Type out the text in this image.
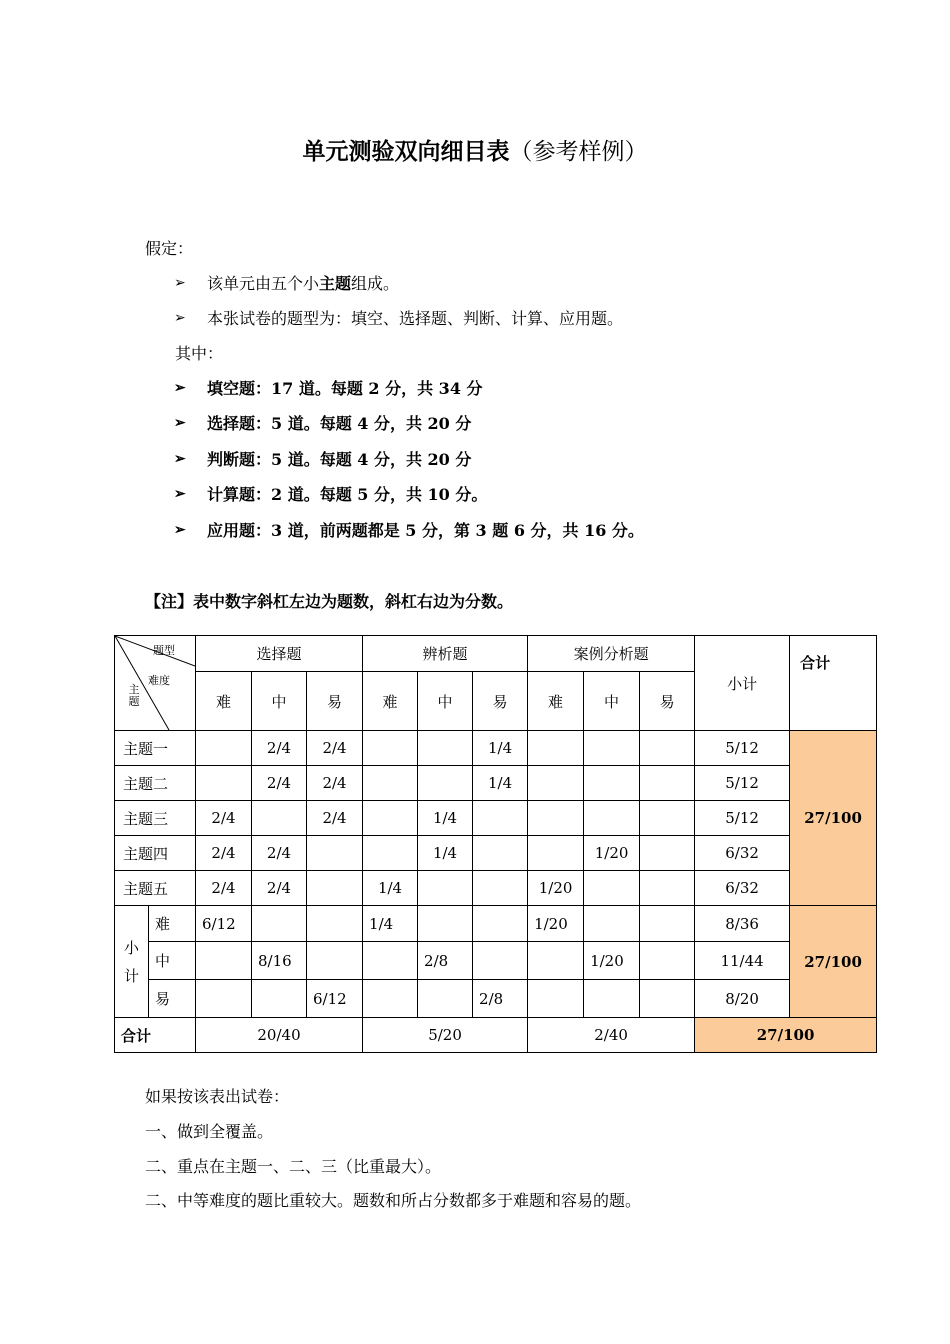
单元测验双向细目表（参考样例）
假定：
➢ 该单元由五个小主题组成。
➢ 本张试卷的题型为：填空、选择题、判断、计算、应用题。
其中：
➢ 填空题：17 道。每题 2 分，共 34 分
➢ 选择题：5 道。每题 4 分，共 20 分
➢ 判断题：5 道。每题 4 分，共 20 分
➢ 计算题：2 道。每题 5 分，共 10 分。
➢ 应用题：3 道，前两题都是 5 分，第 3 题 6 分，共 16 分。
【注】表中数字斜杠左边为题数，斜杠右边为分数。
题型
难度
主题		选择题			辨析题			案例分析题			小计	合计
		难	中	易	难	中	易	难	中	易		
主题一			2/4	2/4			1/4				5/12	27/100
主题二			2/4	2/4			1/4				5/12	
主题三		2/4		2/4		1/4					5/12	
主题四		2/4	2/4			1/4			1/20		6/32	
主题五		2/4	2/4		1/4			1/20			6/32	
小
计	难	6/12			1/4			1/20			8/36	27/100
	中		8/16			2/8			1/20		11/44	
	易			6/12			2/8				8/20	
合计		20/40			5/20			2/40			27/100	
如果按该表出试卷：
一、做到全覆盖。
二、重点在主题一、二、三（比重最大）。
二、中等难度的题比重较大。题数和所占分数都多于难题和容易的题。
